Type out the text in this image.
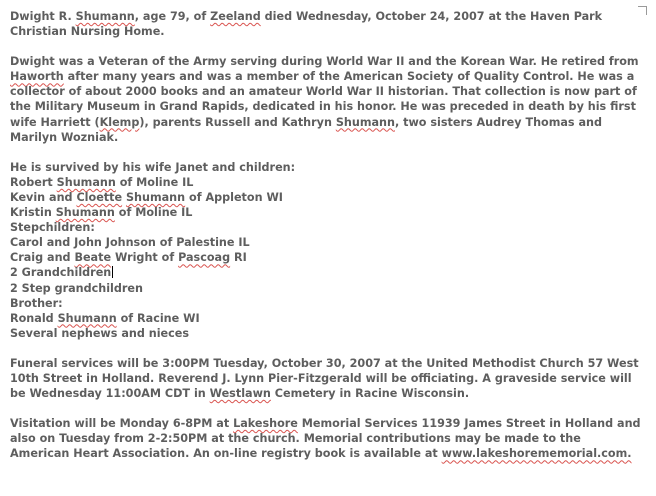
Dwight R. Shumann, age 79, of Zeeland died Wednesday, October 24, 2007 at the Haven Park Christian Nursing Home.

Dwight was a Veteran of the Army serving during World War II and the Korean War. He retired from Haworth after many years and was a member of the American Society of Quality Control. He was a collector of about 2000 books and an amateur World War II historian. That collection is now part of the Military Museum in Grand Rapids, dedicated in his honor. He was preceded in death by his first wife Harriett (Klemp), parents Russell and Kathryn Shumann, two sisters Audrey Thomas and Marilyn Wozniak.

He is survived by his wife Janet and children:
Robert Shumann of Moline IL
Kevin and Cloette Shumann of Appleton WI
Kristin Shumann of Moline IL
Stepchildren:
Carol and John Johnson of Palestine IL
Craig and Beate Wright of Pascoag RI
2 Grandchildren
2 Step grandchildren
Brother:
Ronald Shumann of Racine WI
Several nephews and nieces

Funeral services will be 3:00PM Tuesday, October 30, 2007 at the United Methodist Church 57 West 10th Street in Holland. Reverend J. Lynn Pier-Fitzgerald will be officiating. A graveside service will be Wednesday 11:00AM CDT in Westlawn Cemetery in Racine Wisconsin.

Visitation will be Monday 6-8PM at Lakeshore Memorial Services 11939 James Street in Holland and also on Tuesday from 2-2:50PM at the church. Memorial contributions may be made to the American Heart Association. An on-line registry book is available at www.lakeshorememorial.com.
